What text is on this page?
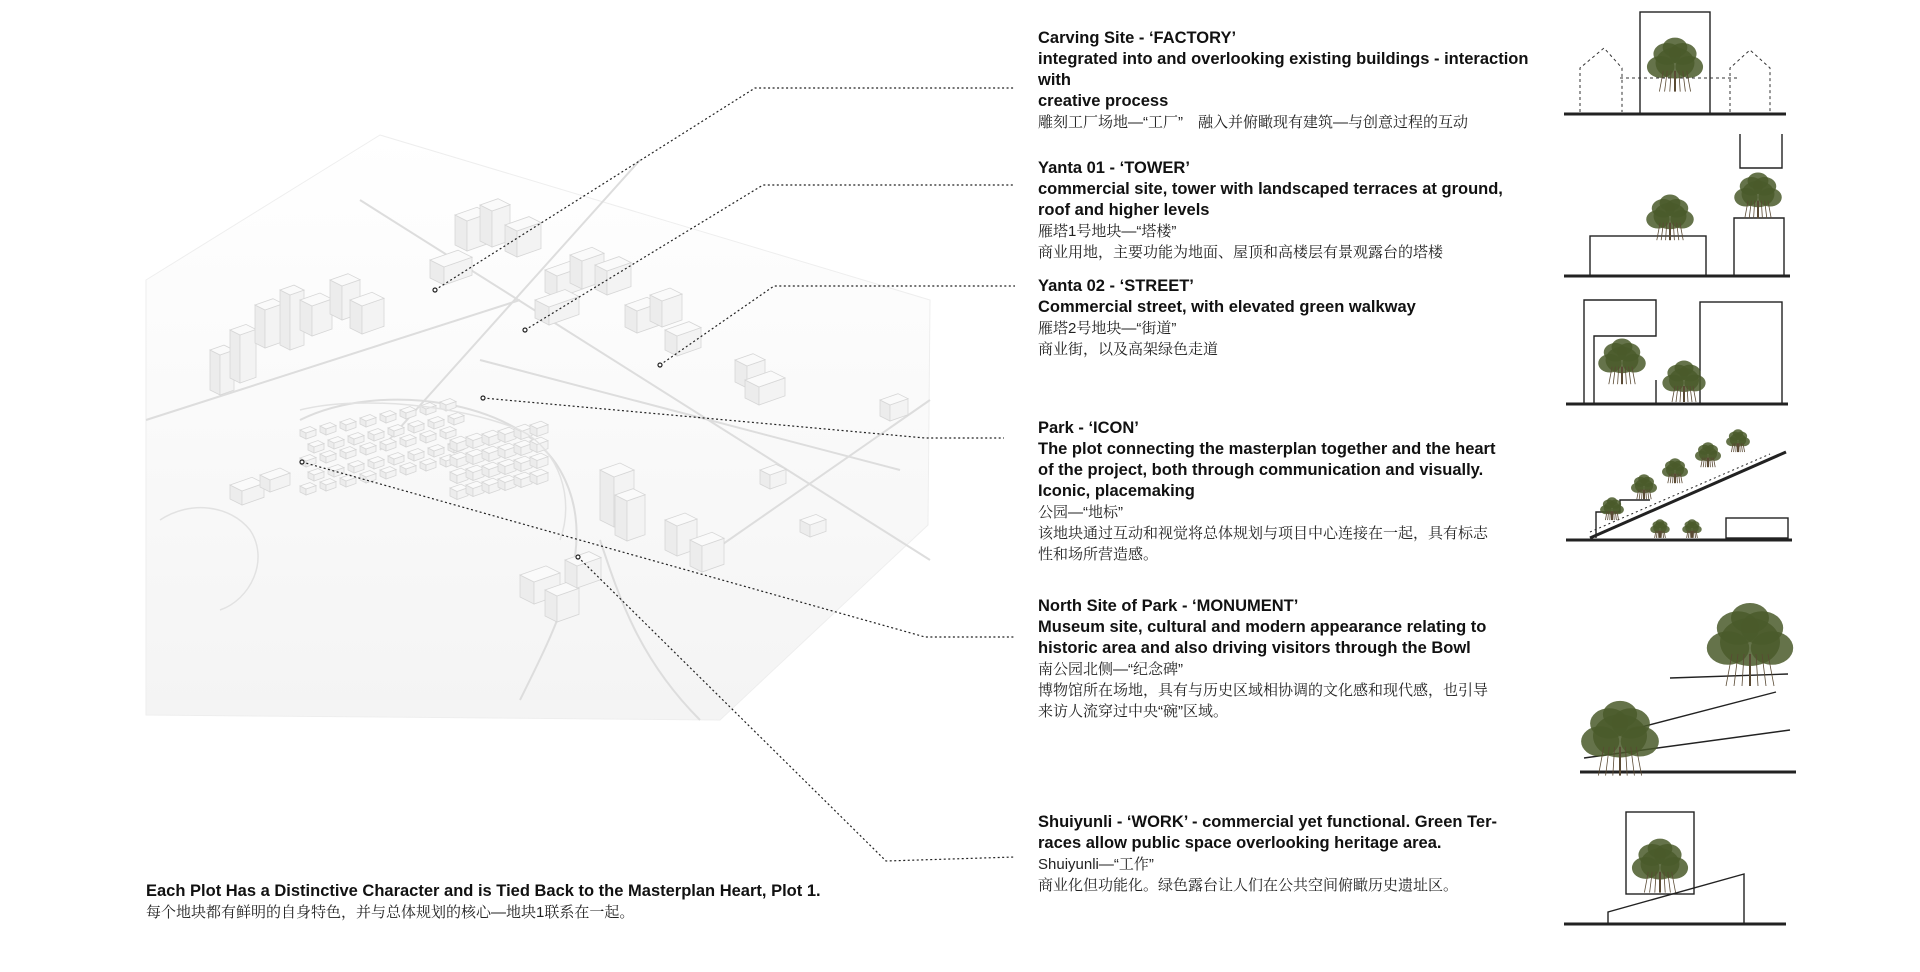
Carving Site - ‘FACTORY’

integrated into and overlooking existing buildings - interaction with

creative process

雕刻工厂场地—“工厂”　融入并俯瞰现有建筑—与创意过程的互动

Yanta 01 - ‘TOWER’

commercial site, tower with landscaped terraces at ground,

roof and higher levels

雁塔1号地块—“塔楼”

商业用地，主要功能为地面、屋顶和高楼层有景观露台的塔楼

Yanta 02 - ‘STREET’

Commercial street, with elevated green walkway

雁塔2号地块—“街道”

商业街，以及高架绿色走道

Park - ‘ICON’

The plot connecting the masterplan together and the heart

of the project, both through communication and visually.

Iconic, placemaking

公园—“地标”

该地块通过互动和视觉将总体规划与项目中心连接在一起，具有标志

性和场所营造感。

North Site of Park - ‘MONUMENT’

Museum site, cultural and modern appearance relating to

historic area and also driving visitors through the Bowl

南公园北侧—“纪念碑”

博物馆所在场地，具有与历史区域相协调的文化感和现代感，也引导

来访人流穿过中央“碗”区域。

Shuiyunli - ‘WORK’ - commercial yet functional. Green Ter-

races allow public space overlooking heritage area.

Shuiyunli—“工作”

商业化但功能化。绿色露台让人们在公共空间俯瞰历史遗址区。

Each Plot Has a Distinctive Character and is Tied Back to the Masterplan Heart, Plot 1.

每个地块都有鲜明的自身特色，并与总体规划的核心—地块1联系在一起。
